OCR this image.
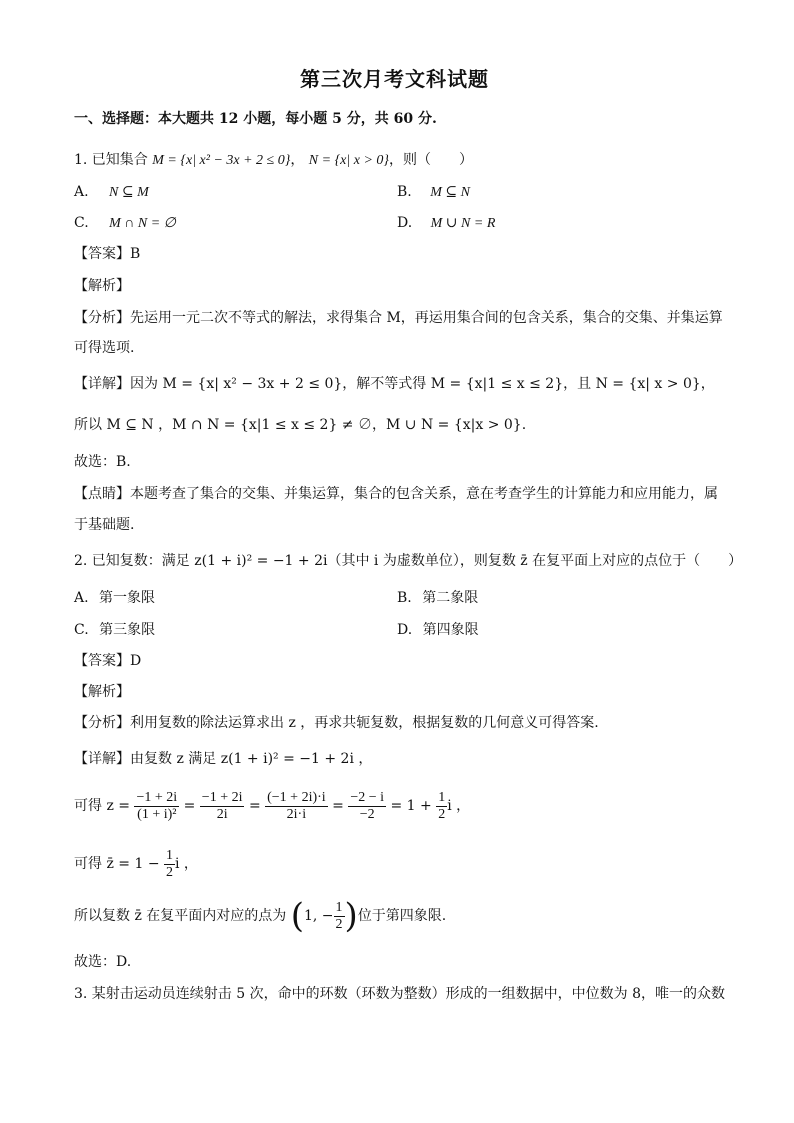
第三次月考文科试题
一、选择题：本大题共 12 小题，每小题 5 分，共 60 分.
1. 已知集合 M = {x| x² − 3x + 2 ≤ 0}， N = {x| x > 0}，则（　　）
A. N ⊆ M	B. M ⊆ N
C. M ∩ N = ∅	D. M ∪ N = R
【答案】B
【解析】
【分析】先运用一元二次不等式的解法，求得集合 M，再运用集合间的包含关系，集合的交集、并集运算
可得选项.
【详解】因为 M = {x| x² − 3x + 2 ≤ 0}，解不等式得 M = {x|1 ≤ x ≤ 2}，且 N = {x| x > 0}，
所以 M ⊆ N ，M ∩ N = {x|1 ≤ x ≤ 2} ≠ ∅，M ∪ N = {x|x > 0}.
故选：B.
【点睛】本题考查了集合的交集、并集运算，集合的包含关系，意在考查学生的计算能力和应用能力，属
于基础题.
2. 已知复数：满足 z(1 + i)² = −1 + 2i（其中 i 为虚数单位），则复数 z̄ 在复平面上对应的点位于（　　）
A. 第一象限	B. 第二象限
C. 第三象限	D. 第四象限
【答案】D
【解析】
【分析】利用复数的除法运算求出 z ，再求共轭复数，根据复数的几何意义可得答案.
【详解】由复数 z 满足 z(1 + i)² = −1 + 2i ，
可得 $z = \frac{-1 + 2i}{\text{(1 + i)²}} = \frac{-1 + 2i}{2i} = \frac{(-1 + 2i)\cdot i}{2i\cdot i} = \frac{-2 - i}{-2} = 1 + \frac{1}{2}$ i ，
可得 z̄ = $1 - \frac{1}{2}$ i ，
所以复数 z̄ 在复平面内对应的点为 (1, − $\frac{1}{2}$ )位于第四象限.
故选：D.
3. 某射击运动员连续射击 5 次，命中的环数（环数为整数）形成的一组数据中，中位数为 8，唯一的众数
